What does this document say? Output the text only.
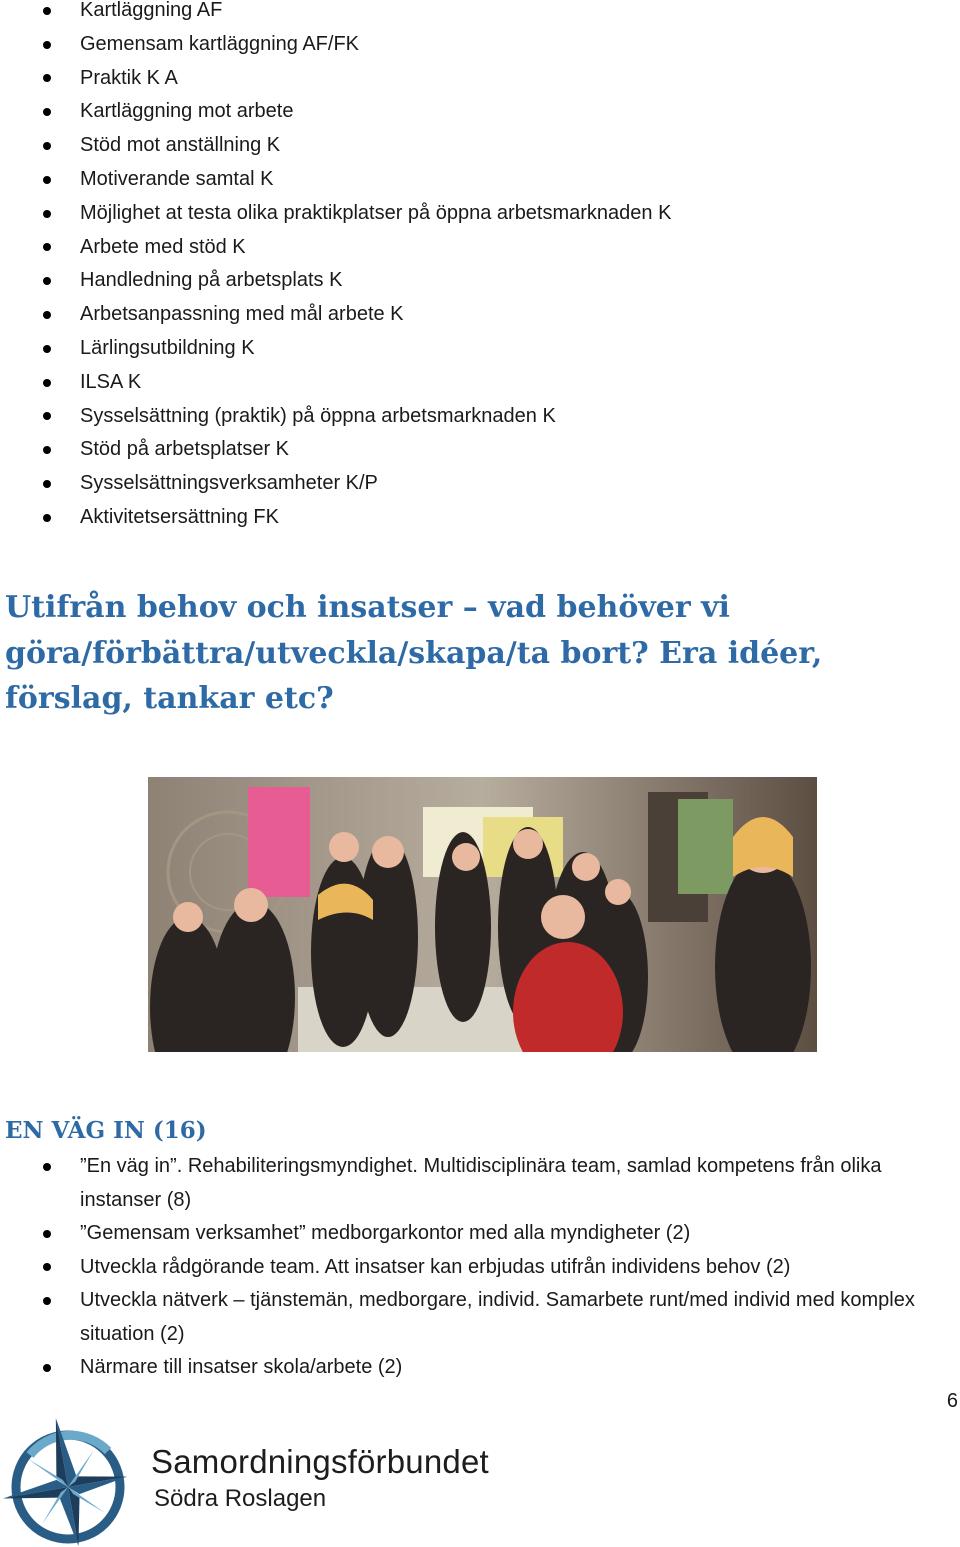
Kartläggning AF
Gemensam kartläggning AF/FK
Praktik K A
Kartläggning mot arbete
Stöd mot anställning K
Motiverande samtal K
Möjlighet at testa olika praktikplatser på öppna arbetsmarknaden K
Arbete med stöd K
Handledning på arbetsplats K
Arbetsanpassning med mål arbete K
Lärlingsutbildning K
ILSA K
Sysselsättning (praktik) på öppna arbetsmarknaden K
Stöd på arbetsplatser K
Sysselsättningsverksamheter K/P
Aktivitetsersättning FK
Utifrån behov och insatser – vad behöver vi göra/förbättra/utveckla/skapa/ta bort? Era idéer, förslag, tankar etc?
EN VÄG IN (16)
”En väg in”. Rehabiliteringsmyndighet. Multidisciplinära team, samlad kompetens från olika instanser (8)
”Gemensam verksamhet” medborgarkontor med alla myndigheter (2)
Utveckla rådgörande team. Att insatser kan erbjudas utifrån individens behov (2)
Utveckla nätverk – tjänstemän, medborgare, individ. Samarbete runt/med individ med komplex situation (2)
Närmare till insatser skola/arbete (2)
6
Samordningsförbundet
Södra Roslagen
